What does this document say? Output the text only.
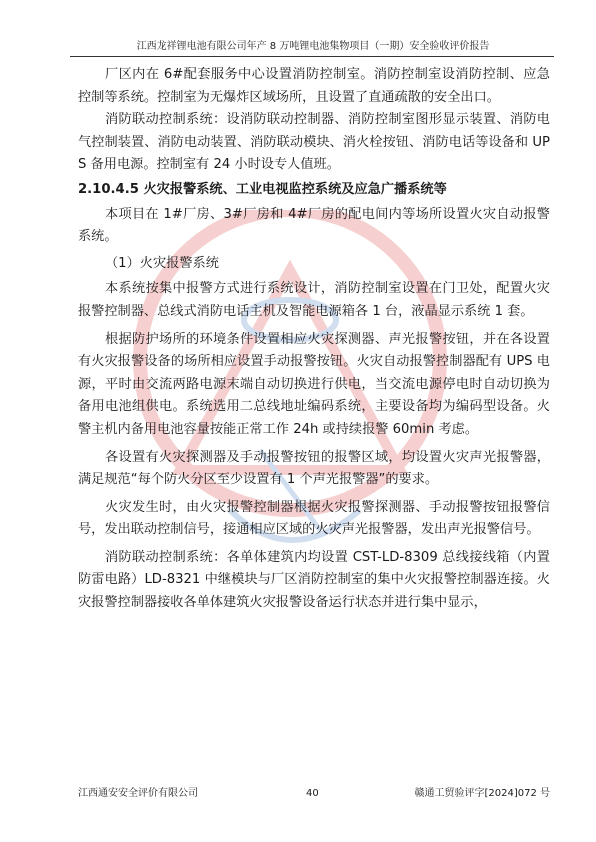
江西龙祥锂电池有限公司年产 8 万吨锂电池集物项目（一期）安全验收评价报告

厂区内在 6#配套服务中心设置消防控制室。消防控制室设消防控制、应急控制等系统。控制室为无爆炸区域场所，且设置了直通疏散的安全出口。

消防联动控制系统：设消防联动控制器、消防控制室图形显示装置、消防电气控制装置、消防电动装置、消防联动模块、消火栓按钮、消防电话等设备和 UPS 备用电源。控制室有 24 小时设专人值班。

2.10.4.5 火灾报警系统、工业电视监控系统及应急广播系统等

本项目在 1#厂房、3#厂房和 4#厂房的配电间内等场所设置火灾自动报警系统。

（1）火灾报警系统

本系统按集中报警方式进行系统设计，消防控制室设置在门卫处，配置火灾报警控制器、总线式消防电话主机及智能电源箱各 1 台，液晶显示系统 1 套。

根据防护场所的环境条件设置相应火灾探测器、声光报警按钮，并在各设置有火灾报警设备的场所相应设置手动报警按钮。火灾自动报警控制器配有 UPS 电源，平时由交流两路电源末端自动切换进行供电，当交流电源停电时自动切换为备用电池组供电。系统选用二总线地址编码系统，主要设备均为编码型设备。火警主机内备用电池容量按能正常工作 24h 或持续报警 60min 考虑。

各设置有火灾探测器及手动报警按钮的报警区域，均设置火灾声光报警器，满足规范“每个防火分区至少设置有 1 个声光报警器”的要求。

火灾发生时，由火灾报警控制器根据火灾报警探测器、手动报警按钮报警信号，发出联动控制信号，接通相应区域的火灾声光报警器，发出声光报警信号。

消防联动控制系统：各单体建筑内均设置 CST-LD-8309 总线接线箱（内置防雷电路）LD-8321 中继模块与厂区消防控制室的集中火灾报警控制器连接。火灾报警控制器接收各单体建筑火灾报警设备运行状态并进行集中显示，

江西通安安全评价有限公司	40	赣通工贸验评字[2024]072 号
